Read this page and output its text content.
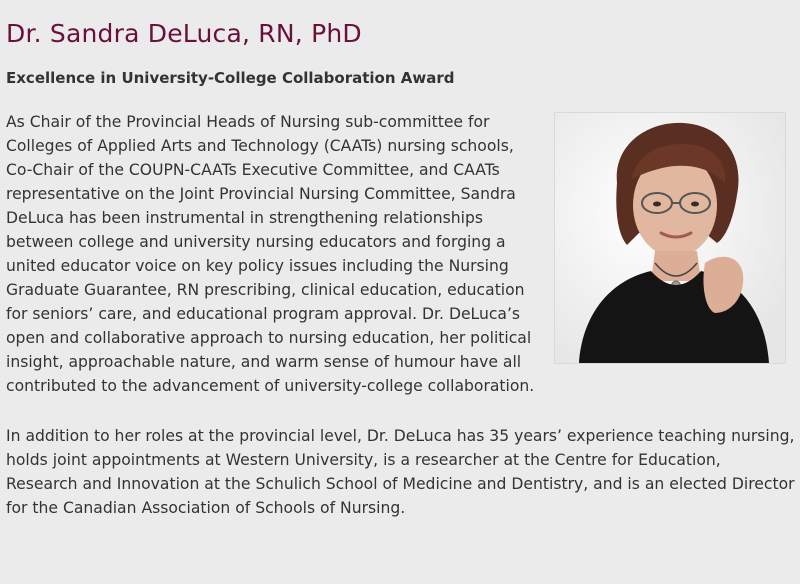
Dr. Sandra DeLuca, RN, PhD
Excellence in University-College Collaboration Award
As Chair of the Provincial Heads of Nursing sub-committee for Colleges of Applied Arts and Technology (CAATs) nursing schools, Co-Chair of the COUPN-CAATs Executive Committee, and CAATs representative on the Joint Provincial Nursing Committee, Sandra DeLuca has been instrumental in strengthening relationships between college and university nursing educators and forging a united educator voice on key policy issues including the Nursing Graduate Guarantee, RN prescribing, clinical education, education for seniors’ care, and educational program approval. Dr. DeLuca’s open and collaborative approach to nursing education, her political insight, approachable nature, and warm sense of humour have all contributed to the advancement of university-college collaboration.

In addition to her roles at the provincial level, Dr. DeLuca has 35 years’ experience teaching nursing, holds joint appointments at Western University, is a researcher at the Centre for Education, Research and Innovation at the Schulich School of Medicine and Dentistry, and is an elected Director for the Canadian Association of Schools of Nursing.
